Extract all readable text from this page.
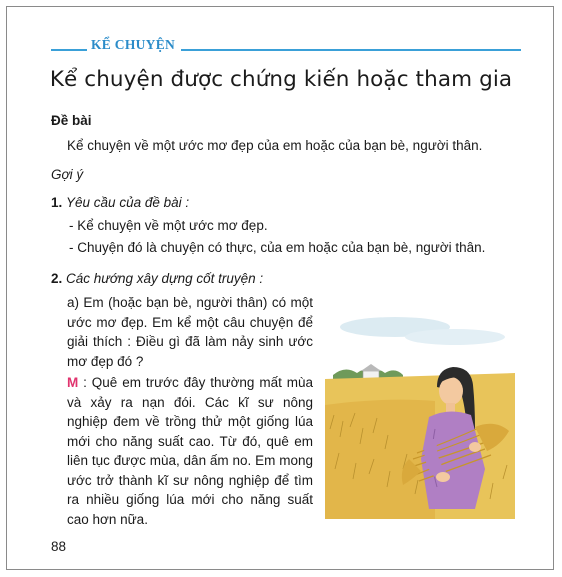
KỂ CHUYỆN
Kể chuyện được chứng kiến hoặc tham gia
Đề bài
Kể chuyện về một ước mơ đẹp của em hoặc của bạn bè, người thân.
Gợi ý
1. Yêu cầu của đề bài :
- Kể chuyện về một ước mơ đẹp.
- Chuyện đó là chuyện có thực, của em hoặc của bạn bè, người thân.
2. Các hướng xây dựng cốt truyện :
a) Em (hoặc bạn bè, người thân) có một ước mơ đẹp. Em kể một câu chuyện để giải thích : Điều gì đã làm nảy sinh ước mơ đẹp đó ?
M : Quê em trước đây thường mất mùa và xảy ra nạn đói. Các kĩ sư nông nghiệp đem về trồng thử một giống lúa mới cho năng suất cao. Từ đó, quê em liên tục được mùa, dân ấm no. Em mong ước trở thành kĩ sư nông nghiệp để tìm ra nhiều giống lúa mới cho năng suất cao hơn nữa.
88
